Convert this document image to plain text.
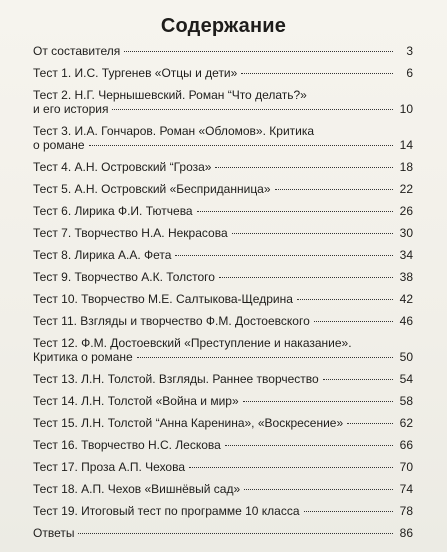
Содержание
От составителя	3
Тест 1. И.С. Тургенев «Отцы и дети»	6
Тест 2. Н.Г. Чернышевский. Роман “Что делать?»
и его история	10
Тест 3. И.А. Гончаров. Роман «Обломов». Критика
о романе	14
Тест 4. А.Н. Островский “Гроза»	18
Тест 5. А.Н. Островский «Бесприданница»	22
Тест 6. Лирика Ф.И. Тютчева	26
Тест 7. Творчество Н.А. Некрасова	30
Тест 8. Лирика А.А. Фета	34
Тест 9. Творчество А.К. Толстого	38
Тест 10. Творчество М.Е. Салтыкова-Щедрина	42
Тест 11. Взгляды и творчество Ф.М. Достоевского	46
Тест 12. Ф.М. Достоевский «Преступление и наказание».
Критика о романе	50
Тест 13. Л.Н. Толстой. Взгляды. Раннее творчество	54
Тест 14. Л.Н. Толстой «Война и мир»	58
Тест 15. Л.Н. Толстой “Анна Каренина», «Воскресение»	62
Тест 16. Творчество Н.С. Лескова	66
Тест 17. Проза А.П. Чехова	70
Тест 18. А.П. Чехов «Вишнёвый сад»	74
Тест 19. Итоговый тест по программе 10 класса	78
Ответы	86
